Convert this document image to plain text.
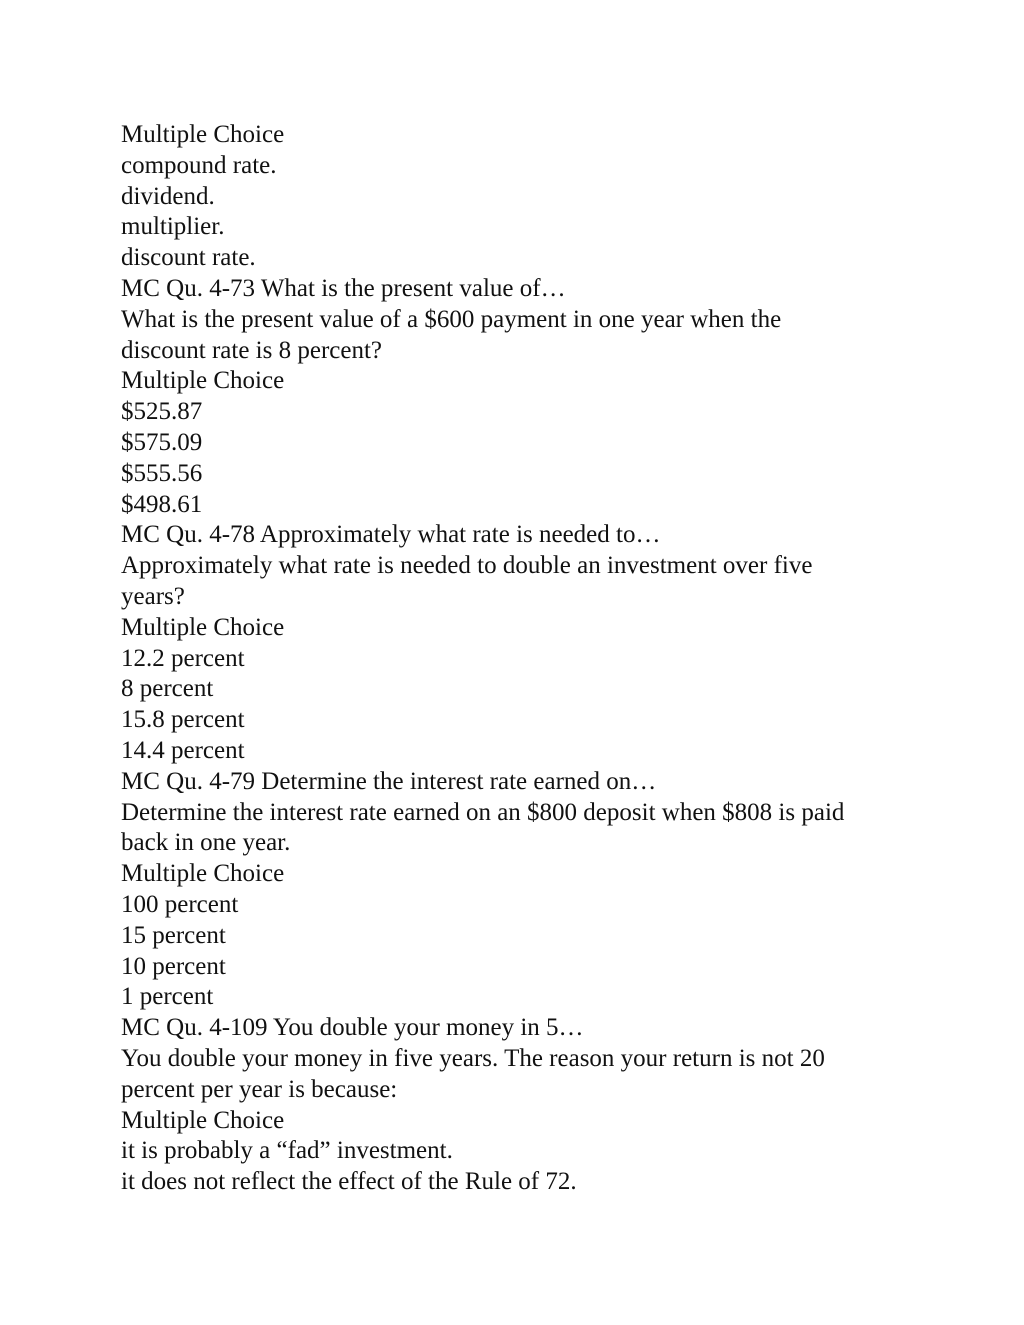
Multiple Choice
compound rate.
dividend.
multiplier.
discount rate.
MC Qu. 4-73 What is the present value of…
What is the present value of a $600 payment in one year when the
discount rate is 8 percent?
Multiple Choice
$525.87
$575.09
$555.56
$498.61
MC Qu. 4-78 Approximately what rate is needed to…
Approximately what rate is needed to double an investment over five
years?
Multiple Choice
12.2 percent
8 percent
15.8 percent
14.4 percent
MC Qu. 4-79 Determine the interest rate earned on…
Determine the interest rate earned on an $800 deposit when $808 is paid
back in one year.
Multiple Choice
100 percent
15 percent
10 percent
1 percent
MC Qu. 4-109 You double your money in 5…
You double your money in five years. The reason your return is not 20
percent per year is because:
Multiple Choice
it is probably a “fad” investment.
it does not reflect the effect of the Rule of 72.
